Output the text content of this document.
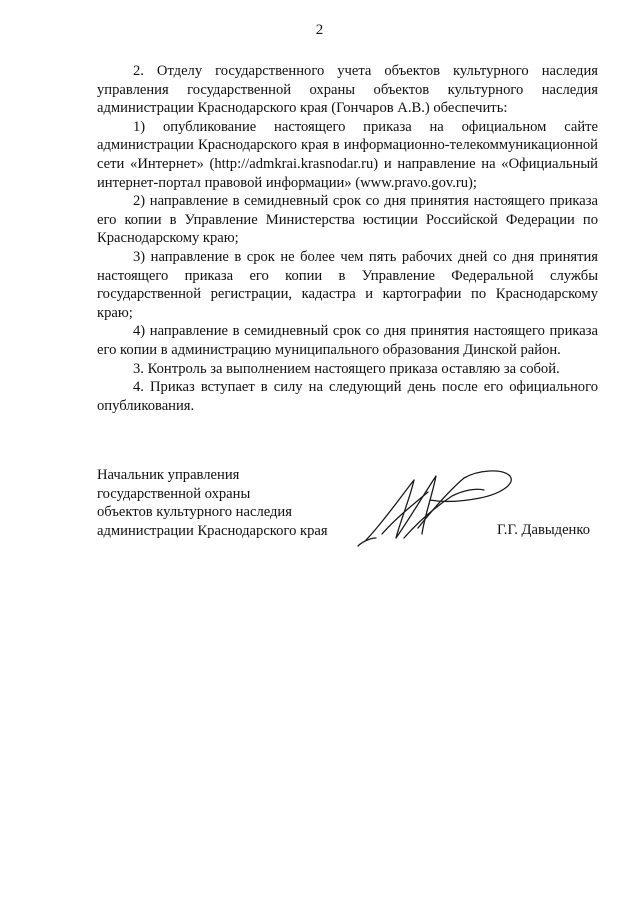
2

2. Отделу государственного учета объектов культурного наследия управления государственной охраны объектов культурного наследия администрации Краснодарского края (Гончаров А.В.) обеспечить:

1) опубликование настоящего приказа на официальном сайте администрации Краснодарского края в информационно-телекоммуникационной сети «Интернет» (http://admkrai.krasnodar.ru) и направление на «Официальный интернет-портал правовой информации» (www.pravo.gov.ru);

2) направление в семидневный срок со дня принятия настоящего приказа его копии в Управление Министерства юстиции Российской Федерации по Краснодарскому краю;

3) направление в срок не более чем пять рабочих дней со дня принятия настоящего приказа его копии в Управление Федеральной службы государственной регистрации, кадастра и картографии по Краснодарскому краю;

4) направление в семидневный срок со дня принятия настоящего приказа его копии в администрацию муниципального образования Динской район.

3. Контроль за выполнением настоящего приказа оставляю за собой.

4. Приказ вступает в силу на следующий день после его официального опубликования.

Начальник управления
государственной охраны
объектов культурного наследия
администрации Краснодарского края	Г.Г. Давыденко
